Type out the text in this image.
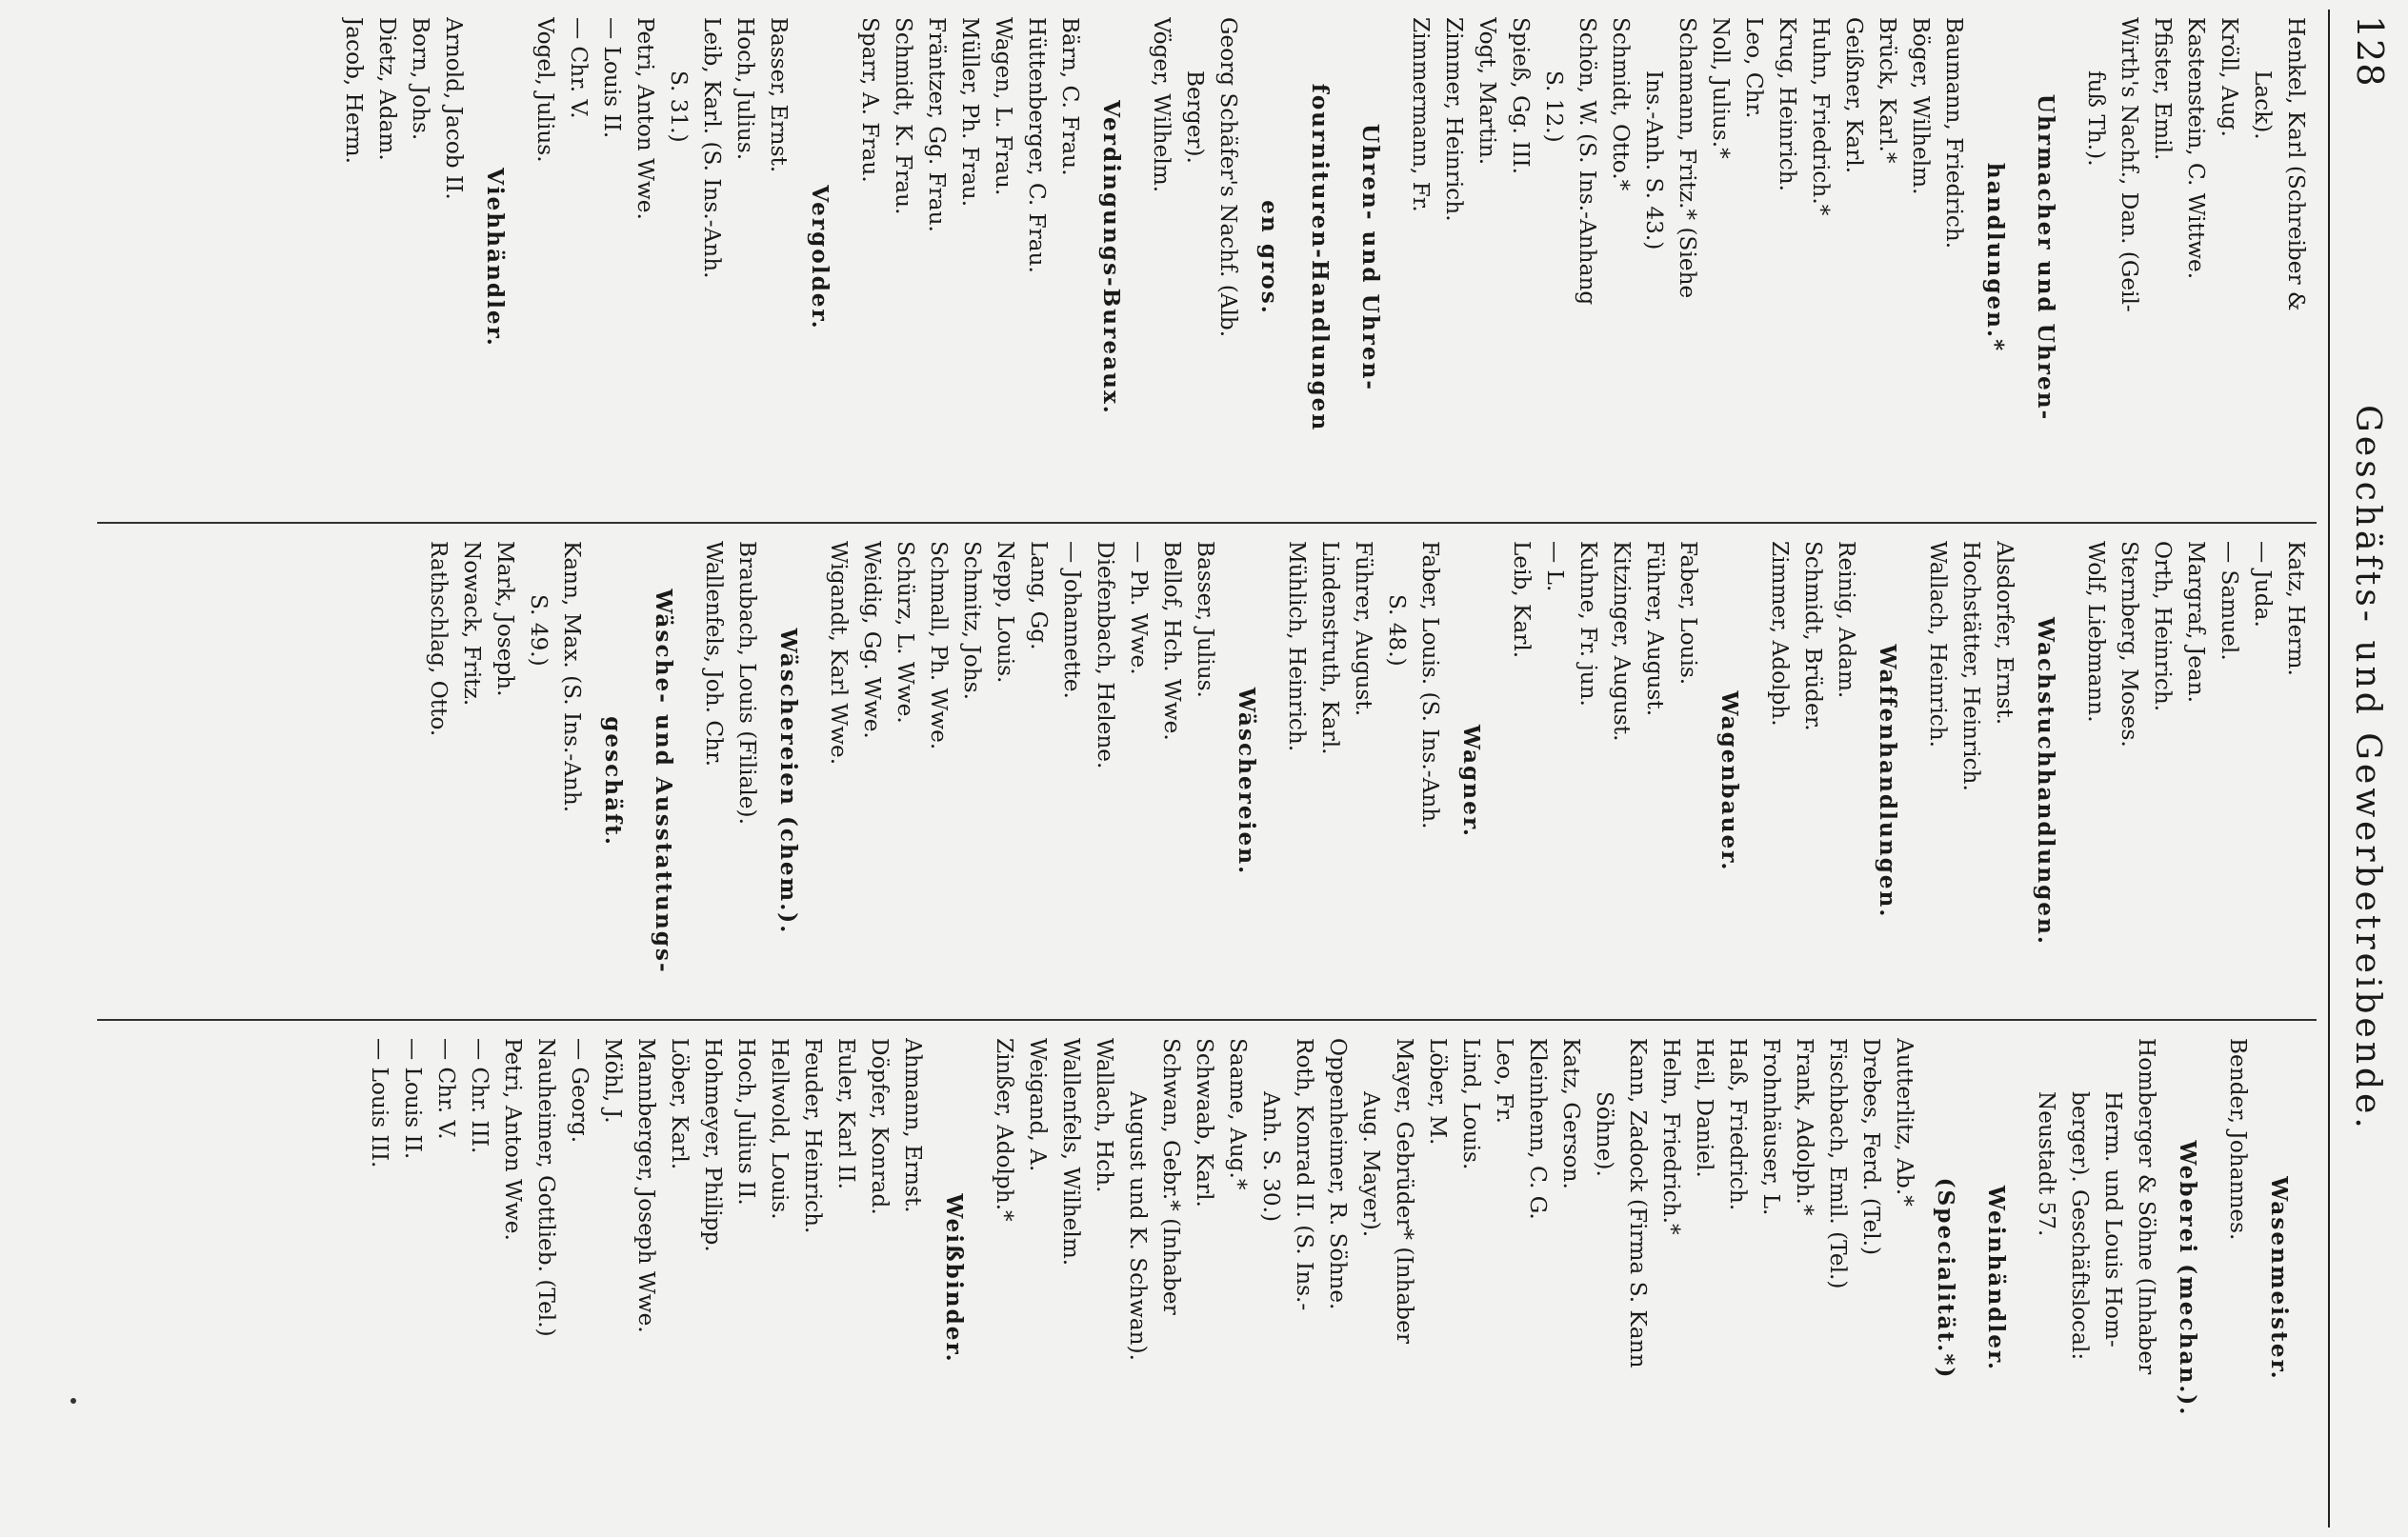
128
Geschäfts- und Gewerbetreibende.
Henkel, Karl (Schreiber &
Lack).
Kröll, Aug.
Kastenstein, C. Wittwe.
Pfister, Emil.
Wirth's Nachf., Dan. (Geil-
fuß Th.).
Uhrmacher und Uhren-
handlungen.*
Baumann, Friedrich.
Böger, Wilhelm.
Brück, Karl.*
Geißner, Karl.
Huhn, Friedrich.*
Krug, Heinrich.
Leo, Chr.
Noll, Julius.*
Schamann, Fritz.* (Siehe
Ins.-Anh. S. 43.)
Schmidt, Otto.*
Schön, W. (S. Ins.-Anhang
S. 12.)
Spieß, Gg. III.
Vogt, Martin.
Zimmer, Heinrich.
Zimmermann, Fr.
Uhren- und Uhren-
fournituren-Handlungen
en gros.
Georg Schäfer's Nachf. (Alb.
Berger).
Vöger, Wilhelm.
Verdingungs-Bureaux.
Bärn, C. Frau.
Hüttenberger, C. Frau.
Wagen, L. Frau.
Müller, Ph. Frau.
Fräntzer, Gg. Frau.
Schmidt, K. Frau.
Sparr, A. Frau.
Vergolder.
Basser, Ernst.
Hoch, Julius.
Leib, Karl. (S. Ins.-Anh.
S. 31.)
Petri, Anton Wwe.
— Louis II.
— Chr. V.
Vogel, Julius.
Viehhändler.
Arnold, Jacob II.
Born, Johs.
Dietz, Adam.
Jacob, Herm.
Katz, Herm.
— Juda.
— Samuel.
Margraf, Jean.
Orth, Heinrich.
Sternberg, Moses.
Wolf, Liebmann.
Wachstuchhandlungen.
Alsdorfer, Ernst.
Hochstätter, Heinrich.
Wallach, Heinrich.
Waffenhandlungen.
Reinig, Adam.
Schmidt, Brüder.
Zimmer, Adolph.
Wagenbauer.
Faber, Louis.
Führer, August.
Kitzinger, August.
Kuhne, Fr. jun.
— L.
Leib, Karl.
Wagner.
Faber, Louis. (S. Ins.-Anh.
S. 48.)
Führer, August.
Lindenstruth, Karl.
Mühlich, Heinrich.
Wäschereien.
Basser, Julius.
Bellof, Hch. Wwe.
— Ph. Wwe.
Diefenbach, Helene.
— Johannette.
Lang, Gg.
Nepp, Louis.
Schmitz, Johs.
Schmall, Ph. Wwe.
Schürz, L. Wwe.
Weidig, Gg. Wwe.
Wigandt, Karl Wwe.
Wäschereien (chem.).
Braubach, Louis (Filiale).
Wallenfels, Joh. Chr.
Wäsche- und Ausstattungs-
geschäft.
Kann, Max. (S. Ins.-Anh.
S. 49.)
Mark, Joseph.
Nowack, Fritz.
Rathschlag, Otto.
Wasenmeister.
Bender, Johannes.
Weberei (mechan.).
Homberger & Söhne (Inhaber
Herm. und Louis Hom-
berger). Geschäftslocal:
Neustadt 57.
Weinhändler.
(Specialität.*)
Autterlitz, Ab.*
Drebes, Ferd. (Tel.)
Fischbach, Emil. (Tel.)
Frank, Adolph.*
Frohnhäuser, L.
Haß, Friedrich.
Heil, Daniel.
Helm, Friedrich.*
Kann, Zadock (Firma S. Kann
Söhne).
Katz, Gerson.
Kleinhenn, C. G.
Leo, Fr.
Lind, Louis.
Löber, M.
Mayer, Gebrüder* (Inhaber
Aug. Mayer).
Oppenheimer, R. Söhne.
Roth, Konrad II. (S. Ins.-
Anh. S. 30.)
Saame, Aug.*
Schwaab, Karl.
Schwan, Gebr.* (Inhaber
August und K. Schwan).
Wallach, Hch.
Wallenfels, Wilhelm.
Weigand, A.
Zinßer, Adolph.*
Weißbinder.
Ahmann, Ernst.
Döpfer, Konrad.
Euler, Karl II.
Feuder, Heinrich.
Hellwold, Louis.
Hoch, Julius II.
Hohmeyer, Philipp.
Löber, Karl.
Mannberger, Joseph Wwe.
Möhl, J.
— Georg.
Nauheimer, Gottlieb. (Tel.)
Petri, Anton Wwe.
— Chr. III.
— Chr. V.
— Louis II.
— Louis III.
